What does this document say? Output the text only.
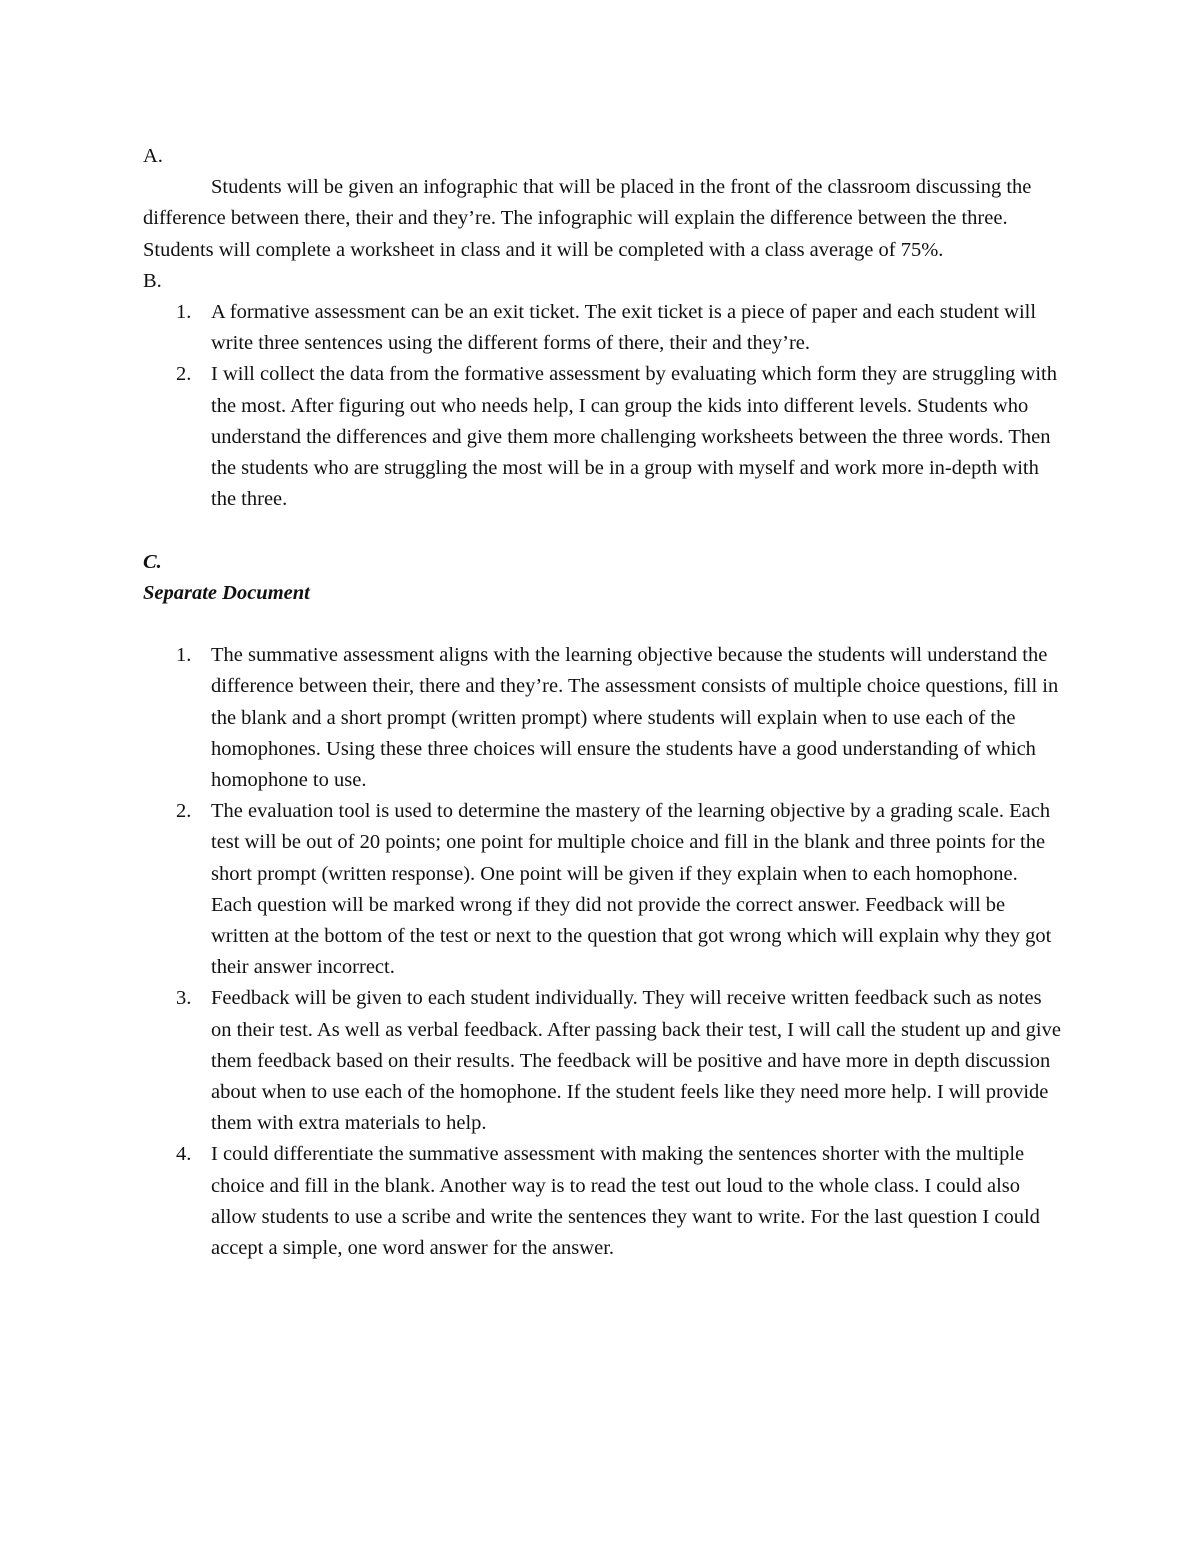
A.

Students will be given an infographic that will be placed in the front of the classroom discussing the difference between there, their and they’re. The infographic will explain the difference between the three. Students will complete a worksheet in class and it will be completed with a class average of 75%.

B.

1. A formative assessment can be an exit ticket. The exit ticket is a piece of paper and each student will write three sentences using the different forms of there, their and they’re.
2. I will collect the data from the formative assessment by evaluating which form they are struggling with the most. After figuring out who needs help, I can group the kids into different levels. Students who understand the differences and give them more challenging worksheets between the three words. Then the students who are struggling the most will be in a group with myself and work more in-depth with the three.

C.

Separate Document

1. The summative assessment aligns with the learning objective because the students will understand the difference between their, there and they’re. The assessment consists of multiple choice questions, fill in the blank and a short prompt (written prompt) where students will explain when to use each of the homophones. Using these three choices will ensure the students have a good understanding of which homophone to use.
2. The evaluation tool is used to determine the mastery of the learning objective by a grading scale. Each test will be out of 20 points; one point for multiple choice and fill in the blank and three points for the short prompt (written response). One point will be given if they explain when to each homophone. Each question will be marked wrong if they did not provide the correct answer. Feedback will be written at the bottom of the test or next to the question that got wrong which will explain why they got their answer incorrect.
3. Feedback will be given to each student individually. They will receive written feedback such as notes on their test. As well as verbal feedback. After passing back their test, I will call the student up and give them feedback based on their results. The feedback will be positive and have more in depth discussion about when to use each of the homophone. If the student feels like they need more help. I will provide them with extra materials to help.
4. I could differentiate the summative assessment with making the sentences shorter with the multiple choice and fill in the blank. Another way is to read the test out loud to the whole class. I could also allow students to use a scribe and write the sentences they want to write. For the last question I could accept a simple, one word answer for the answer.
